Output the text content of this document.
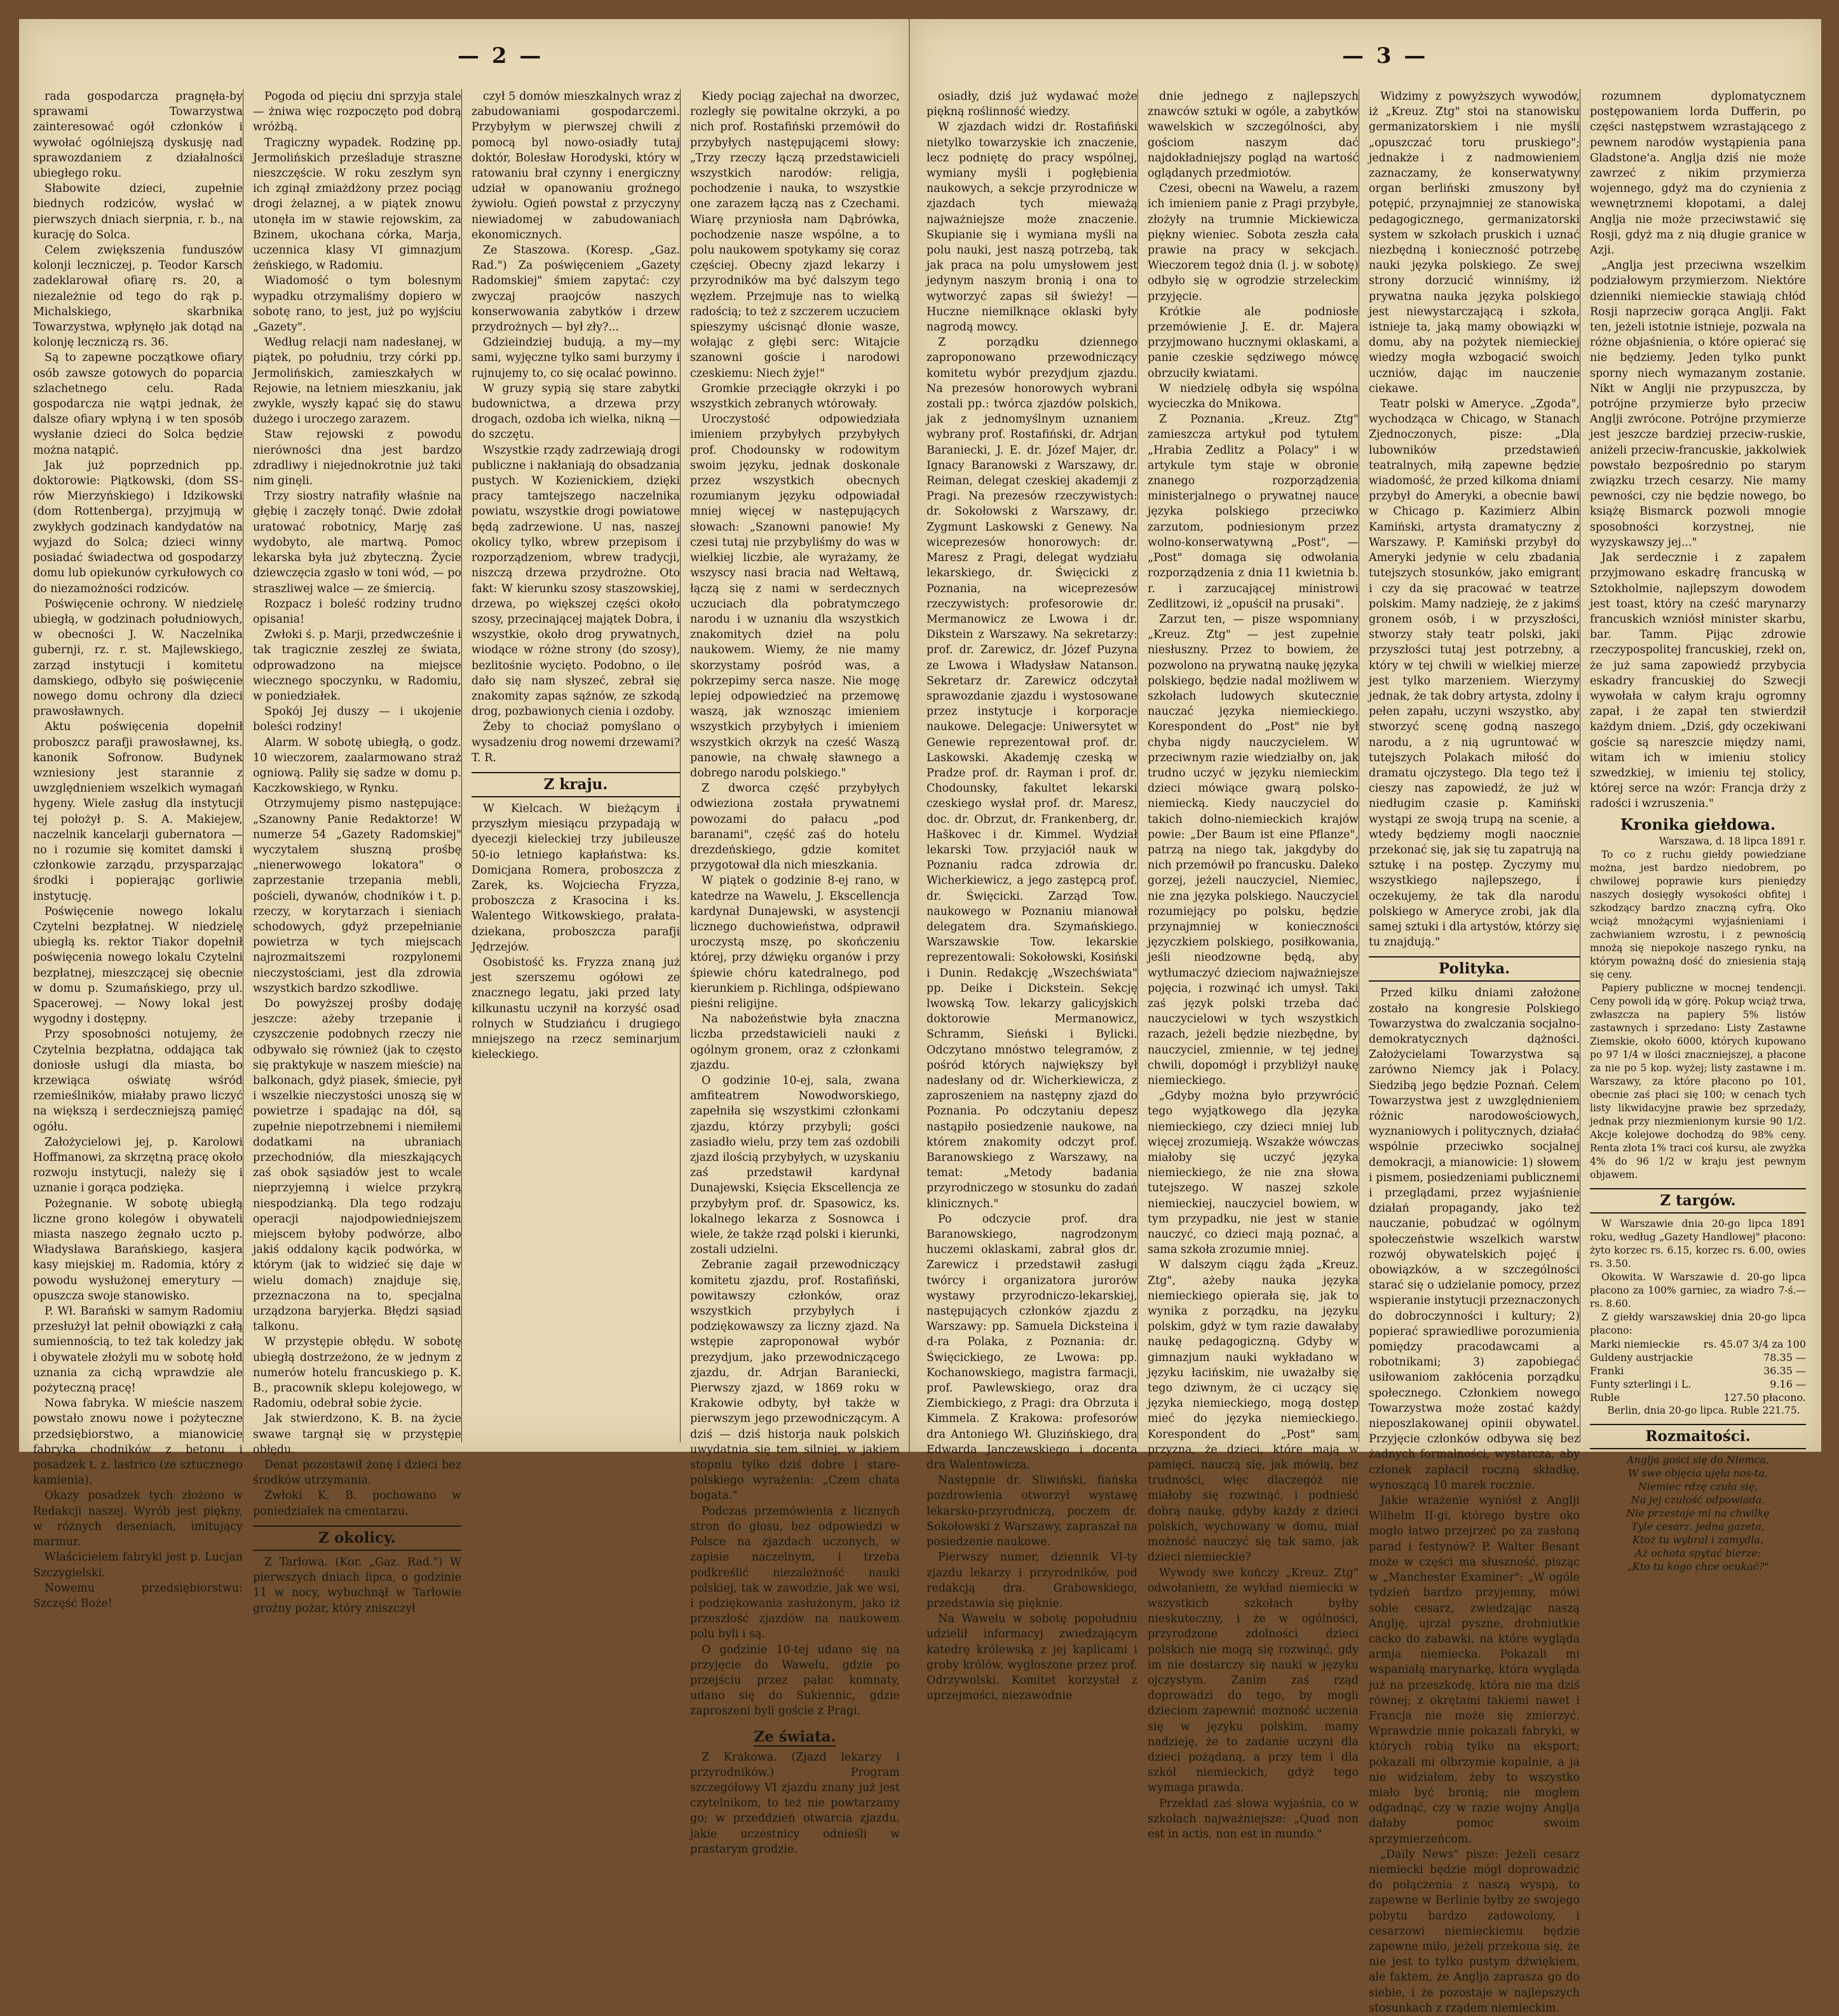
— 2 —

rada gospodarcza pragnęła-by sprawami Towarzystwa zainteresować ogół członków i wywołać ogólniejszą dyskusję nad sprawozdaniem z działalności ubiegłego roku.

Słabowite dzieci, zupełnie biednych rodziców, wysłać w pierwszych dniach sierpnia, r. b., na kurację do Solca.

Celem zwiększenia funduszów kolonji leczniczej, p. Teodor Karsch zadeklarował ofiarę rs. 20, a niezależnie od tego do rąk p. Michalskiego, skarbnika Towarzystwa, wpłynęło jak dotąd na kolonję leczniczą rs. 36.

Są to zapewne początkowe ofiary osób zawsze gotowych do poparcia szlachetnego celu. Rada gospodarcza nie wątpi jednak, że dalsze ofiary wpłyną i w ten sposób wysłanie dzieci do Solca będzie można natąpić.

Jak już poprzednich pp. doktorowie: Piątkowski, (dom SS-rów Mierzyńskiego) i Idzikowski (dom Rottenberga), przyjmują w zwykłych godzinach kandydatów na wyjazd do Solca; dzieci winny posiadać świadectwa od gospodarzy domu lub opiekunów cyrkułowych co do niezamożności rodziców.

Poświęcenie ochrony. W niedzielę ubiegłą, w godzinach południowych, w obecności J. W. Naczelnika gubernji, rz. r. st. Majlewskiego, zarząd instytucji i komitetu damskiego, odbyło się poświęcenie nowego domu ochrony dla dzieci prawosławnych.

Aktu poświęcenia dopełnił proboszcz parafji prawosławnej, ks. kanonik Sofronow. Budynek wzniesiony jest starannie z uwzględnieniem wszelkich wymagań hygeny. Wiele zasług dla instytucji tej położył p. S. A. Makiejew, naczelnik kancelarji gubernatora — no i rozumie się komitet damski i członkowie zarządu, przysparzając środki i popierając gorliwie instytucję.

Poświęcenie nowego lokalu Czytelni bezpłatnej. W niedzielę ubiegłą ks. rektor Tiakor dopełnił poświęcenia nowego lokalu Czytelni bezpłatnej, mieszczącej się obecnie w domu p. Szumańskiego, przy ul. Spacerowej. — Nowy lokal jest wygodny i dostępny.

Przy sposobności notujemy, że Czytelnia bezpłatna, oddająca tak doniosłe usługi dla miasta, bo krzewiąca oświatę wśród rzemieślników, miałaby prawo liczyć na większą i serdeczniejszą pamięć ogółu.

Założycielowi jej, p. Karolowi Hoffmanowi, za skrzętną pracę około rozwoju instytucji, należy się i uznanie i gorąca podzięka.

Pożegnanie. W sobotę ubiegłą liczne grono kolegów i obywateli miasta naszego żegnało uczto p. Władysława Barańskiego, kasjera kasy miejskiej m. Radomia, który z powodu wysłużonej emerytury — opuszcza swoje stanowisko.

P. Wł. Barański w samym Radomiu przesłużył lat pełnił obowiązki z całą sumiennością, to też tak koledzy jak i obywatele złożyli mu w sobotę hołd uznania za cichą wprawdzie ale pożyteczną pracę!

Nowa fabryka. W mieście naszem powstało znowu nowe i pożyteczne przedsiębiorstwo, a mianowicie fabryka chodników z betonu i posadzek t. z. lastrico (ze sztucznego kamienia).

Okazy posadzek tych złożono w Redakcji naszej. Wyrób jest piękny, w różnych deseniach, imitujący marmur.

Właścicielem fabryki jest p. Lucjan Szczygielski.

Nowemu przedsiębiorstwu: Szczęść Boże!

Pogoda od pięciu dni sprzyja stale — żniwa więc rozpoczęto pod dobrą wróżbą.

Tragiczny wypadek. Rodzinę pp. Jermolińskich prześladuje straszne nieszczęście. W roku zeszłym syn ich zginął zmiażdżony przez pociąg drogi żelaznej, a w piątek znowu utonęła im w stawie rejowskim, za Bzinem, ukochana córka, Marja, uczennica klasy VI gimnazjum żeńskiego, w Radomiu.

Wiadomość o tym bolesnym wypadku otrzymaliśmy dopiero w sobotę rano, to jest, już po wyjściu „Gazety".

Według relacji nam nadesłanej, w piątek, po południu, trzy córki pp. Jermolińskich, zamieszkałych w Rejowie, na letniem mieszkaniu, jak zwykle, wyszły kąpać się do stawu dużego i uroczego zarazem.

Staw rejowski z powodu nierówności dna jest bardzo zdradliwy i niejednokrotnie już taki nim ginęli.

Trzy siostry natrafiły właśnie na głębię i zaczęły tonąć. Dwie zdołał uratować robotnicy, Marję zaś wydobyto, ale martwą. Pomoc lekarska była już zbyteczną. Życie dziewczęcia zgasło w toni wód, — po straszliwej walce — ze śmiercią.

Rozpacz i boleść rodziny trudno opisania!

Zwłoki ś. p. Marji, przedwcześnie i tak tragicznie zeszłej ze świata, odprowadzono na miejsce wiecznego spoczynku, w Radomiu, w poniedziałek.

Spokój Jej duszy — i ukojenie boleści rodziny!

Alarm. W sobotę ubiegłą, o godz. 10 wieczorem, zaalarmowano straż ogniową. Paliły się sadze w domu p. Kaczkowskiego, w Rynku.

Otrzymujemy pismo następujące: „Szanowny Panie Redaktorze! W numerze 54 „Gazety Radomskiej" wyczytałem słuszną prośbę „nienerwowego lokatora" o zaprzestanie trzepania mebli, pościeli, dywanów, chodników i t. p. rzeczy, w korytarzach i sieniach schodowych, gdyż przepełnianie powietrza w tych miejscach najrozmaitszemi rozpylonemi nieczystościami, jest dla zdrowia wszystkich bardzo szkodliwe.

Do powyższej prośby dodaję jeszcze: ażeby trzepanie i czyszczenie podobnych rzeczy nie odbywało się również (jak to często się praktykuje w naszem mieście) na balkonach, gdyż piasek, śmiecie, pył i wszelkie nieczystości unoszą się w powietrze i spadając na dół, są zupełnie niepotrzebnemi i niemiłemi dodatkami na ubraniach przechodniów, dla mieszkających zaś obok sąsiadów jest to wcale nieprzyjemną i wielce przykrą niespodzianką. Dla tego rodzaju operacji najodpowiedniejszem miejscem byłoby podwórze, albo jakiś oddalony kącik podwórka, w którym (jak to widzieć się daje w wielu domach) znajduje się, przeznaczona na to, specjalna urządzona baryjerka. Błędzi sąsiad talkonu.

W przystępie obłędu. W sobotę ubiegłą dostrzeżono, że w jednym z numerów hotelu francuskiego p. K. B., pracownik sklepu kolejowego, w Radomiu, odebrał sobie życie.

Jak stwierdzono, K. B. na życie swawe targnął się w przystępie obłędu.

Denat pozostawił żonę i dzieci bez środków utrzymania.

Zwłoki K. B. pochowano w poniedziałek na cmentarzu.

Z okolicy.

Z Tarłowa. (Kor. „Gaz. Rad.") W pierwszych dniach lipca, o godzinie 11 w nocy, wybuchnął w Tarłowie groźny pożar, który zniszczył

czył 5 domów mieszkalnych wraz z zabudowaniami gospodarczemi. Przybyłym w pierwszej chwili z pomocą byl nowo-osiadły tutaj doktór, Bolesław Horodyski, który w ratowaniu brał czynny i energiczny udział w opanowaniu groźnego żywiołu. Ogień powstał z przyczyny niewiadomej w zabudowaniach ekonomicznych.

Ze Staszowa. (Koresp. „Gaz. Rad.") Za poświęceniem „Gazety Radomskiej" śmiem zapytać: czy zwyczaj praojców naszych konserwowania zabytków i drzew przydrożnych — był zły?...

Gdzieindziej budują, a my—my sami, wyjęczne tylko sami burzymy i rujnujemy to, co się ocalać powinno.

W gruzy sypią się stare zabytki budownictwa, a drzewa przy drogach, ozdoba ich wielka, nikną — do szczętu.

Wszystkie rządy zadrzewiają drogi publiczne i nakłaniają do obsadzania pustych. W Kozienickiem, dzięki pracy tamtejszego naczelnika powiatu, wszystkie drogi powiatowe będą zadrzewione. U nas, naszej okolicy tylko, wbrew przepisom i rozporządzeniom, wbrew tradycji, niszczą drzewa przydrożne. Oto fakt: W kierunku szosy staszowskiej, drzewa, po większej części około szosy, przecinającej majątek Dobra, i wszystkie, około drog prywatnych, wiodące w różne strony (do szosy), bezlitośnie wycięto. Podobno, o ile dało się nam słyszeć, zebrał się znakomity zapas sążnów, ze szkodą drog, pozbawionych cienia i ozdoby.

Żeby to chociaż pomyślano o wysadzeniu drog nowemi drzewami? T. R.

Z kraju.

W Kielcach. W bieżącym i przyszłym miesiącu przypadają w dyecezji kieleckiej trzy jubileusze 50-io letniego kapłaństwa: ks. Domicjana Romera, proboszcza z Zarek, ks. Wojciecha Fryzza, proboszcza z Krasocina i ks. Walentego Witkowskiego, prałata-dziekana, proboszcza parafji Jędrzejów.

Osobistość ks. Fryzza znaną już jest szerszemu ogółowi ze znacznego legatu, jaki przed laty kilkunastu uczynił na korzyść osad rolnych w Studziańcu i drugiego mniejszego na rzecz seminarjum kieleckiego.

Kiedy pociąg zajechał na dworzec, rozległy się powitalne okrzyki, a po nich prof. Rostafiński przemówił do przybyłych następującemi słowy: „Trzy rzeczy łączą przedstawicieli wszystkich narodów: religja, pochodzenie i nauka, to wszystkie one zarazem łączą nas z Czechami. Wiarę przyniosła nam Dąbrówka, pochodzenie nasze wspólne, a to polu naukowem spotykamy się coraz częściej. Obecny zjazd lekarzy i przyrodników ma być dalszym tego węzłem. Przejmuje nas to wielką radością; to też z szczerem uczuciem spieszymy uścisnąć dłonie wasze, wołając z głębi serc: Witajcie szanowni goście i narodowi czeskiemu: Niech żyje!"

Gromkie przeciągłe okrzyki i po wszystkich zebranych wtórowały.

Uroczystość odpowiedziała imieniem przybyłych przybyłych prof. Chodounsky w rodowitym swoim języku, jednak doskonale przez wszystkich obecnych rozumianym języku odpowiadał mniej więcej w następujących słowach: „Szanowni panowie! My czesi tutaj nie przybyliśmy do was w wielkiej liczbie, ale wyrażamy, że wszyscy nasi bracia nad Wełtawą, łączą się z nami w serdecznych uczuciach dla pobratymczego narodu i w uznaniu dla wszystkich znakomitych dzieł na polu naukowem. Wiemy, że nie mamy skorzystamy pośród was, a pokrzepimy serca nasze. Nie mogę lepiej odpowiedzieć na przemowę waszą, jak wznosząc imieniem wszystkich przybyłych i imieniem wszystkich okrzyk na cześć Waszą panowie, na chwałę sławnego a dobrego narodu polskiego."

Z dworca część przybyłych odwieziona została prywatnemi powozami do pałacu „pod baranami", część zaś do hotelu drezdeńskiego, gdzie komitet przygotował dla nich mieszkania.

W piątek o godzinie 8-ej rano, w katedrze na Wawelu, J. Ekscellencja kardynał Dunajewski, w asystencji licznego duchowieństwa, odprawił uroczystą mszę, po skończeniu której, przy dźwięku organów i przy śpiewie chóru katedralnego, pod kierunkiem p. Richlinga, odśpiewano pieśni religijne.

Na nabożeństwie była znaczna liczba przedstawicieli nauki z ogólnym gronem, oraz z członkami zjazdu.

O godzinie 10-ej, sala, zwana amfiteatrem Nowodworskiego, zapełniła się wszystkimi członkami zjazdu, którzy przybyli; gości zasiadło wielu, przy tem zaś ozdobili zjazd ilością przybyłych, w uzyskaniu zaś przedstawił kardynał Dunajewski, Księcia Ekscellencja ze przybyłym prof. dr. Spasowicz, ks. lokalnego lekarza z Sosnowca i wiele, że także rząd polski i kierunki, zostali udzielni.

Zebranie zagaił przewodniczący komitetu zjazdu, prof. Rostafiński, powitawszy członków, oraz wszystkich przybyłych i podziękowawszy za liczny zjazd. Na wstępie zaproponował wybór prezydjum, jako przewodniczącego zjazdu, dr. Adrjan Baraniecki, Pierwszy zjazd, w 1869 roku w Krakowie odbyty, był także w pierwszym jego przewodniczącym. A dziś — dziś historja nauk polskich uwydatnia się tem silniej, w jakiem stopniu tylko dziś dobre i stare-polskiego wyrażenia: „Czem chata bogata."

Podczas przemówienia z licznych stron do głosu, bez odpowiedzi w Polsce na zjazdach uczonych, w zapisie naczelnym, i trzeba podkreślić niezależność nauki polskiej, tak w zawodzie, jak we wsi, i podziękowania zasłużonym, jako iż przeszłość zjazdów na naukowem polu byli i są.

O godzinie 10-tej udano się na przyjęcie do Wawelu, gdzie po przejściu przez pałac komnaty, udano się do Sukiennic, gdzie zaproszeni byli goście z Pragi.

Ze świata.

Z Krakowa. (Zjazd lekarzy i przyrodników.) Program szczegółowy VI zjazdu znany już jest czytelnikom, to też nie powtarzamy go; w przeddzień otwarcia zjazdu, jakie uczestnicy odnieśli w prastarym grodzie.

— 3 —

osiadły, dziś już wydawać może piękną roślinność wiedzy.

W zjazdach widzi dr. Rostafiński nietylko towarzyskie ich znaczenie, lecz podniętę do pracy wspólnej, wymiany myśli i pogłębienia naukowych, a sekcje przyrodnicze w zjazdach tych mieważą najważniejsze może znaczenie. Skupianie się i wymiana myśli na polu nauki, jest naszą potrzebą, tak jak praca na polu umysłowem jest jedynym naszym bronią i ona to wytworzyć zapas sił świeży! — Huczne niemilknące oklaski były nagrodą mowcy.

Z porządku dziennego zaproponowano przewodniczący komitetu wybór prezydjum zjazdu. Na prezesów honorowych wybrani zostali pp.: twórca zjazdów polskich, jak z jednomyślnym uznaniem wybrany prof. Rostafiński, dr. Adrjan Baraniecki, J. E. dr. Józef Majer, dr. Ignacy Baranowski z Warszawy, dr. Reiman, delegat czeskiej akademji z Pragi. Na prezesów rzeczywistych: dr. Sokołowski z Warszawy, dr. Zygmunt Laskowski z Genewy. Na wiceprezesów honorowych: dr. Maresz z Pragi, delegat wydziału lekarskiego, dr. Święcicki z Poznania, na wiceprezesów rzeczywistych: profesorowie dr. Mermanowicz ze Lwowa i dr. Dikstein z Warszawy. Na sekretarzy: prof. dr. Zarewicz, dr. Józef Puzyna ze Lwowa i Władysław Natanson. Sekretarz dr. Zarewicz odczytał sprawozdanie zjazdu i wystosowane przez instytucje i korporacje naukowe. Delegacje: Uniwersytet w Genewie reprezentował prof. dr. Laskowski. Akademję czeską w Pradze prof. dr. Rayman i prof. dr. Chodounsky, fakultet lekarski czeskiego wysłał prof. dr. Maresz, doc. dr. Obrzut, dr. Frankenberg, dr. Haškovec i dr. Kimmel. Wydział lekarski Tow. przyjaciół nauk w Poznaniu radca zdrowia dr. Wicherkiewicz, a jego zastępcą prof. dr. Święcicki. Zarząd Tow. naukowego w Poznaniu mianował delegatem dra. Szymańskiego. Warszawskie Tow. lekarskie reprezentowali: Sokołowski, Kosiński i Dunin. Redakcję „Wszechświata" pp. Deike i Dickstein. Sekcję lwowską Tow. lekarzy galicyjskich doktorowie Mermanowicz, Schramm, Sieński i Bylicki. Odczytano mnóstwo telegramów, z pośród których największy był nadesłany od dr. Wicherkiewicza, z zaproszeniem na następny zjazd do Poznania. Po odczytaniu depesz nastąpiło posiedzenie naukowe, na którem znakomity odczyt prof. Baranowskiego z Warszawy, na temat: „Metody badania przyrodniczego w stosunku do zadań klinicznych."

Po odczycie prof. dra Baranowskiego, nagrodzonym huczemi oklaskami, zabrał głos dr. Zarewicz i przedstawił zasługi twórcy i organizatora jurorów wystawy przyrodniczo-lekarskiej, następujących członków zjazdu z Warszawy: pp. Samuela Dicksteina i d-ra Polaka, z Poznania: dr. Święcickiego, ze Lwowa: pp. Kochanowskiego, magistra farmacji, prof. Pawlewskiego, oraz dra Ziembickiego, z Pragi: dra Obrzuta i Kimmela. Z Krakowa: profesorów dra Antoniego Wł. Gluzińskiego, dra Edwarda Janczewskiego i docenta dra Walentowicza.

Następnie dr. Sliwiński, fiańska pozdrowienia otworzył wystawę lekarsko-przyrodniczą, poczem dr. Sokołowski z Warszawy, zapraszał na posiedzenie naukowe.

Pierwszy numer, dziennik VI-ty zjazdu lekarzy i przyrodników, pod redakcją dra. Grabowskiego, przedstawia się pięknie.

Na Wawelu w sobotę popołudniu udzielił informacyj zwiedzającym katedrę królewską z jej kaplicami i groby królów, wygłoszone przez prof. Odrzywolski. Komitet korzystał z uprzejmości, niezawodnie

dnie jednego z najlepszych znawców sztuki w ogóle, a zabytków wawelskich w szczególności, aby gościom naszym dać najdokładniejszy pogląd na wartość oglądanych przedmiotów.

Czesi, obecni na Wawelu, a razem ich imieniem panie z Pragi przybyłe, złożyły na trumnie Mickiewicza piękny wieniec. Sobota zeszła cała prawie na pracy w sekcjach. Wieczorem tegoż dnia (l. j. w sobotę) odbyło się w ogrodzie strzeleckim przyjęcie.

Krótkie ale podniosłe przemówienie J. E. dr. Majera przyjmowano hucznymi oklaskami, a panie czeskie sędziwego mówcę obrzuciły kwiatami.

W niedzielę odbyła się wspólna wycieczka do Mnikowa.

Z Poznania. „Kreuz. Ztg" zamieszcza artykuł pod tytułem „Hrabia Zedlitz a Polacy" i w artykule tym staje w obronie znanego rozporządzenia ministerjalnego o prywatnej nauce języka polskiego przeciwko zarzutom, podniesionym przez wolno-konserwatywną „Post", — „Post" domaga się odwołania rozporządzenia z dnia 11 kwietnia b. r. i zarzucającej ministrowi Zedlitzowi, iż „opuścił na prusaki".

Zarzut ten, — pisze wspomniany „Kreuz. Ztg" — jest zupełnie niesłuszny. Przez to bowiem, że pozwolono na prywatną naukę języka polskiego, będzie nadal możliwem w szkołach ludowych skutecznie nauczać języka niemieckiego. Korespondent do „Post" nie był chyba nigdy nauczycielem. W przeciwnym razie wiedziałby on, jak trudno uczyć w języku niemieckim dzieci mówiące gwarą polsko-niemiecką. Kiedy nauczyciel do takich dolno-niemieckich krajów powie: „Der Baum ist eine Pflanze", patrzą na niego tak, jakgdyby do nich przemówił po francusku. Daleko gorzej, jeżeli nauczyciel, Niemiec, nie zna języka polskiego. Nauczyciel rozumiejący po polsku, będzie przynajmniej w konieczności języczkiem polskiego, posiłkowania, jeśli nieodzowne będą, aby wytłumaczyć dzieciom najważniejsze pojęcia, i rozwinąć ich umysł. Taki zaś język polski trzeba dać nauczycielowi w tych wszystkich razach, jeżeli będzie niezbędne, by nauczyciel, zmiennie, w tej jednej chwili, dopomógł i przybliżył naukę niemieckiego.

„Gdyby można było przywrócić tego wyjątkowego dla języka niemieckiego, czy dzieci mniej lub więcej zrozumieją. Wszakże wówczas miałoby się uczyć języka niemieckiego, że nie zna słowa tutejszego. W naszej szkole niemieckiej, nauczyciel bowiem, w tym przypadku, nie jest w stanie nauczyć, co dzieci mają poznać, a sama szkoła zrozumie mniej.

W dalszym ciągu żąda „Kreuz. Ztg", ażeby nauka języka niemieckiego opierała się, jak to wynika z porządku, na języku polskim, gdyż w tym razie dawałaby naukę pedagogiczną. Gdyby w gimnazjum nauki wykładano w języku łacińskim, nie uważałby się tego dziwnym, że ci uczący się języka niemieckiego, mogą dostęp mieć do języka niemieckiego. Korespondent do „Post" sam przyzna, że dzieci, które mają w pamięci, nauczą się, jak mówią, bez trudności, więc dlaczegóż nie miałoby się rozwinąć, i podnieść dobrą naukę, gdyby każdy z dzieci polskich, wychowany w domu, miał możność nauczyć się tak samo, jak dzieci niemieckie?

Wywody swe kończy „Kreuz. Ztg" odwołaniem, że wykład niemiecki w wszystkich szkołach byłby nieskuteczny, i że w ogólności, przyrodzone zdolności dzieci polskich nie mogą się rozwinąć, gdy im nie dostarczy się nauki w języku ojczystym. Zanim zaś rząd doprowadzi do tego, by mogli dzieciom zapewnić możność uczenia się w języku polskim, mamy nadzieję, że to zadanie uczyni dla dzieci pożądaną, a przy tem i dla szkół niemieckich, gdyż tego wymaga prawda.

Przekład zaś słowa wyjaśnia, co w szkołach najważniejsze: „Quod non est in actis, non est in mundo."

Widzimy z powyższych wywodów, iż „Kreuz. Ztg" stoi na stanowisku germanizatorskiem i nie myśli „opuszczać toru pruskiego"; jednakże i z nadmowieniem zaznaczamy, że konserwatywny organ berliński zmuszony był potępić, przynajmniej ze stanowiska pedagogicznego, germanizatorski system w szkołach pruskich i uznać niezbędną i konieczność potrzebę nauki języka polskiego. Ze swej strony dorzucić winniśmy, iż prywatna nauka języka polskiego jest niewystarczającą i szkoła, istnieje ta, jaką mamy obowiązki w domu, aby na pożytek niemieckiej wiedzy mogła wzbogacić swoich uczniów, dając im nauczenie ciekawe.

Teatr polski w Ameryce. „Zgoda", wychodząca w Chicago, w Stanach Zjednoczonych, pisze: „Dla lubowników przedstawień teatralnych, miłą zapewne będzie wiadomość, że przed kilkoma dniami przybył do Ameryki, a obecnie bawi w Chicago p. Kazimierz Albin Kamiński, artysta dramatyczny z Warszawy. P. Kamiński przybył do Ameryki jedynie w celu zbadania tutejszych stosunków, jako emigrant i czy da się pracować w teatrze polskim. Mamy nadzieję, że z jakimś gronem osób, i w przyszłości, stworzy stały teatr polski, jaki przyszłości tutaj jest potrzebny, a który w tej chwili w wielkiej mierze jest tylko marzeniem. Wierzymy jednak, że tak dobry artysta, zdolny i pełen zapału, uczyni wszystko, aby stworzyć scenę godną naszego narodu, a z nią ugruntować w tutejszych Polakach miłość do dramatu ojczystego. Dla tego też i cieszy nas zapowiedź, że już w niedługim czasie p. Kamiński wystąpi ze swoją trupą na scenie, a wtedy będziemy mogli naocznie przekonać się, jak się tu zapatrują na sztukę i na postęp. Zyczymy mu wszystkiego najlepszego, i oczekujemy, że tak dla narodu polskiego w Ameryce zrobi, jak dla samej sztuki i dla artystów, którzy się tu znajdują."

Polityka.

Przed kilku dniami założone zostało na kongresie Polskiego Towarzystwa do zwalczania socjalno-demokratycznych dążności. Założycielami Towarzystwa są zarówno Niemcy jak i Polacy. Siedzibą jego będzie Poznań. Celem Towarzystwa jest z uwzględnieniem różnic narodowościowych, wyznaniowych i politycznych, działać wspólnie przeciwko socjalnej demokracji, a mianowicie: 1) słowem i pismem, posiedzeniami publicznemi i przeglądami, przez wyjaśnienie działań propagandy, jako też nauczanie, pobudzać w ogólnym społeczeństwie wszelkich warstw rozwój obywatelskich pojęć i obowiązków, a w szczególności starać się o udzielanie pomocy, przez wspieranie instytucji przeznaczonych do dobroczynności i kultury; 2) popierać sprawiedliwe porozumienia pomiędzy pracodawcami a robotnikami; 3) zapobiegać usiłowaniom zakłócenia porządku społecznego. Członkiem nowego Towarzystwa może zostać każdy nieposzlakowanej opinii obywatel. Przyjęcie członków odbywa się bez żadnych formalności, wystarcza, aby członek zapłacił roczną składkę, wynoszącą 10 marek rocznie.

Jakie wrażenie wyniósł z Anglji Wilhelm II-gi, którego bystre oko mogło łatwo przejrzeć po za zasłoną parad i festynów? P. Walter Besant może w części ma słuszność, pisząc w „Manchester Examiner": „W ogóle tydzień bardzo przyjemny, mówi sobie cesarz, zwiedzając naszą Anglję, ujrzał pyszne, drobniutkie cacko do zabawki, na które wygląda armja niemiecka. Pokazali mi wspaniałą marynarkę, która wygląda już na przeszkodę, która nie ma dziś równej; z okrętami takiemi nawet i Francja nie może się zmierzyć. Wprawdzie mnie pokazali fabryki, w których robią tylko na eksport; pokazali mi olbrzymie kopalnie, a ja nie widziałem, żeby to wszystko miało być bronią; nie mogłem odgadnąć, czy w razie wojny Anglja dałaby pomoc swoim sprzymierzeńcom.

„Daily News" pisze: Jeżeli cesarz niemiecki będzie mógł doprowadzić do połączenia z naszą wyspą, to zapewne w Berlinie byłby ze swojego pobytu bardzo zadowolony, i cesarzowi niemieckiemu będzie zapewne miło, jeżeli przekona się, że nie jest to tylko pustym dźwiękiem, ale faktem, że Anglja zaprasza go do siebie, i że pozostaje w najlepszych stosunkach z rządem niemieckim.

rozumnem dyplomatycznem postępowaniem lorda Dufferin, po części następstwem wzrastającego z pewnem narodów wystąpienia pana Gladstone'a. Anglja dziś nie może zawrzeć z nikim przymierza wojennego, gdyż ma do czynienia z wewnętrznemi kłopotami, a dalej Anglja nie może przeciwstawić się Rosji, gdyż ma z nią długie granice w Azji.

„Anglja jest przeciwna wszelkim podziałowym przymierzom. Niektóre dzienniki niemieckie stawiają chłód Rosji naprzeciw gorąca Anglji. Fakt ten, jeżeli istotnie istnieje, pozwala na różne objaśnienia, o które opierać się nie będziemy. Jeden tylko punkt sporny niech wymazanym zostanie. Nikt w Anglji nie przypuszcza, by potrójne przymierze było przeciw Anglji zwrócone. Potrójne przymierze jest jeszcze bardziej przeciw-ruskie, aniżeli przeciw-francuskie, jakkolwiek powstało bezpośrednio po starym związku trzech cesarzy. Nie mamy pewności, czy nie będzie nowego, bo książę Bismarck pozwoli mnogie sposobności korzystnej, nie wyzyskawszy jej..."

Jak serdecznie i z zapałem przyjmowano eskadrę francuską w Sztokholmie, najlepszym dowodem jest toast, który na cześć marynarzy francuskich wzniósł minister skarbu, bar. Tamm. Pijąc zdrowie rzeczypospolitej francuskiej, rzekł on, że już sama zapowiedź przybycia eskadry francuskiej do Szwecji wywołała w całym kraju ogromny zapał, i że zapał ten stwierdził każdym dniem. „Dziś, gdy oczekiwani goście są nareszcie między nami, witam ich w imieniu stolicy szwedzkiej, w imieniu tej stolicy, której serce na wzór: Francja drży z radości i wzruszenia."

Kronika giełdowa.

Warszawa, d. 18 lipca 1891 r.

To co z ruchu giełdy powiedziane można, jest bardzo niedobrem, po chwilowej poprawie kurs pieniędzy naszych dosięgły wysokości obfitej i szkodzący bardzo znaczną cyfrą. Oko wciąż mnożącymi wyjaśnieniami i zachwianiem wzrostu, i z pewnością mnożą się niepokoje naszego rynku, na którym poważną dość do zniesienia stają się ceny.

Papiery publiczne w mocnej tendencji. Ceny powoli idą w górę. Pokup wciąż trwa, zwłaszcza na papiery 5% listów zastawnych i sprzedano: Listy Zastawne Ziemskie, około 6000, których kupowano po 97 1/4 w ilości znaczniejszej, a płacone za nie po 5 kop. wyżej; listy zastawne i m. Warszawy, za które płacono po 101, obecnie zaś płaci się 100; w cenach tych listy likwidacyjne prawie bez sprzedaży, jednak przy niezmienionym kursie 90 1/2. Akcje kolejowe dochodzą do 98% ceny. Renta złota 1% traci coś kursu, ale zwyżka 4% do 96 1/2 w kraju jest pewnym objawem.

Z targów.

W Warszawie dnia 20-go lipca 1891 roku, według „Gazety Handlowej" płacono: żyto korzec rs. 6.15, korzec rs. 6.00, owies rs. 3.50.

Okowita. W Warszawie d. 20-go lipca płacono za 100% garniec, za wiadro 7-ś.—rs. 8.60.

Z giełdy warszawskiej dnia 20-go lipca płacono:

Marki niemieckie rs. 45.07 3/4 za 100
Guldeny austrjackie	78.35 —
Franki	36.35 —
Funty szterlingi i L.	9.16 —
Ruble	127.50 płacono.

Berlin, dnia 20-go lipca. Ruble 221.75.

Rozmaitości.
Anglja gości się do Niemca,
W swe objęcia ujęła nos-ta,
Niemiec rdzę czuła się,
Na jej czułość odpowiada.
Nie przestaje mi na chwilkę
Tyle cesarz, jedna gazeta,
Ktoż tu wybrał i zamydla,
Aż ochota spytać bierze:
„Kto tu kogo chce ocukać?"
